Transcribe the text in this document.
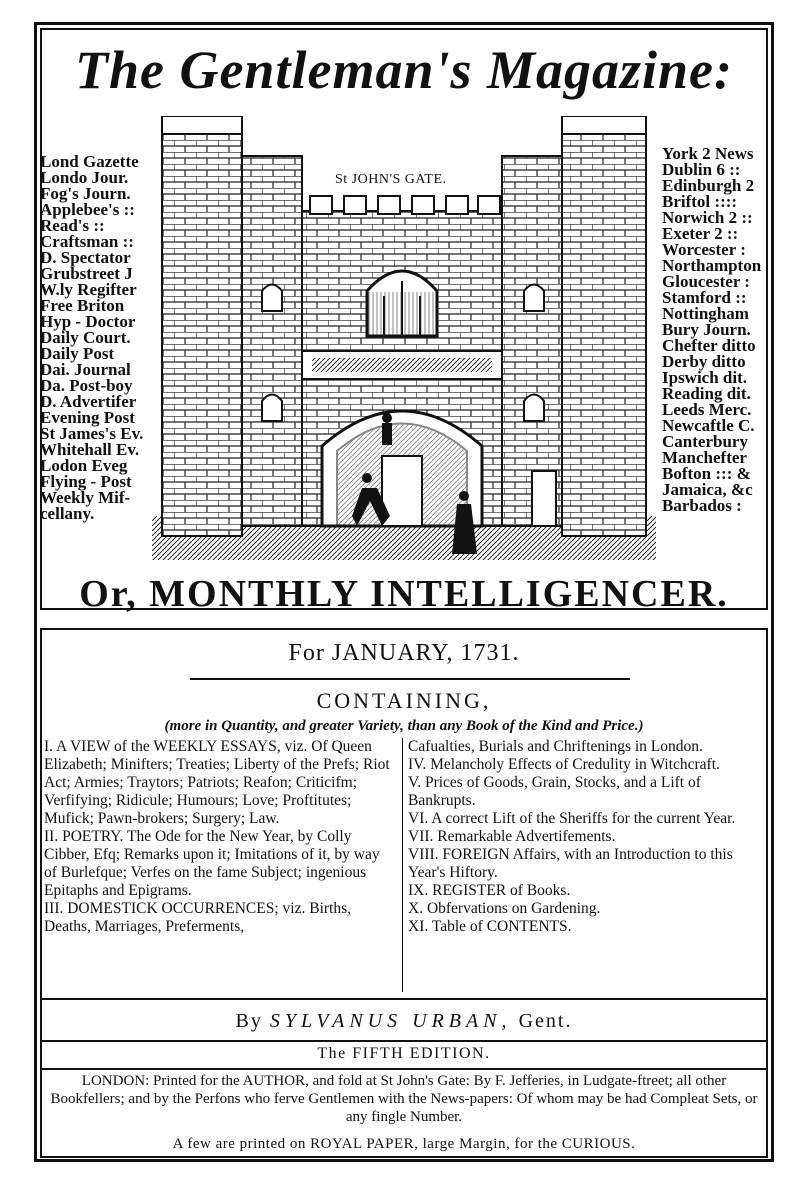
The Gentleman's Magazine:
Lond Gazette
Londo Jour.
Fog's Journ.
Applebee's ::
Read's ::
Craftsman ::
D. Spectator
Grubstreet J
W.ly Regifter
Free Briton
Hyp - Doctor
Daily Court.
Daily Post
Dai. Journal
Da. Post-boy
D. Advertifer
Evening Post
St James's Ev.
Whitehall Ev.
Lodon Eveg
Flying - Post
Weekly Mif-
cellany.
York 2 News
Dublin 6 ::
Edinburgh 2
Briftol ::::
Norwich 2 ::
Exeter 2 ::
Worcester :
Northampton
Gloucester :
Stamford ::
Nottingham
Bury Journ.
Chefter ditto
Derby ditto
Ipswich dit.
Reading dit.
Leeds Merc.
Newcaftle C.
Canterbury
Manchefter
Bofton ::: &
Jamaica, &c
Barbados :
St JOHN'S GATE.
Or, MONTHLY INTELLIGENCER.
For JANUARY, 1731.
CONTAINING,
(more in Quantity, and greater Variety, than any Book of the Kind and Price.)
I. A VIEW of the WEEKLY ESSAYS, viz. Of Queen Elizabeth; Minifters; Treaties; Liberty of the Prefs; Riot Act; Armies; Traytors; Patriots; Reafon; Criticifm; Verfifying; Ridicule; Humours; Love; Proftitutes; Mufick; Pawn-brokers; Surgery; Law.
II. POETRY. The Ode for the New Year, by Colly Cibber, Efq; Remarks upon it; Imitations of it, by way of Burlefque; Verfes on the fame Subject; ingenious Epitaphs and Epigrams.
III. DOMESTICK OCCURRENCES; viz. Births, Deaths, Marriages, Preferments,
Cafualties, Burials and Chriftenings in London.
IV. Melancholy Effects of Credulity in Witchcraft.
V. Prices of Goods, Grain, Stocks, and a Lift of Bankrupts.
VI. A correct Lift of the Sheriffs for the current Year.
VII. Remarkable Advertifements.
VIII. FOREIGN Affairs, with an Introduction to this Year's Hiftory.
IX. REGISTER of Books.
X. Obfervations on Gardening.
XI. Table of CONTENTS.
By SYLVANUS URBAN, Gent.
The FIFTH EDITION.
LONDON: Printed for the AUTHOR, and fold at St John's Gate: By F. Jefferies, in Ludgate-ftreet; all other Bookfellers; and by the Perfons who ferve Gentlemen with the News-papers: Of whom may be had Compleat Sets, or any fingle Number.
A few are printed on ROYAL PAPER, large Margin, for the CURIOUS.
